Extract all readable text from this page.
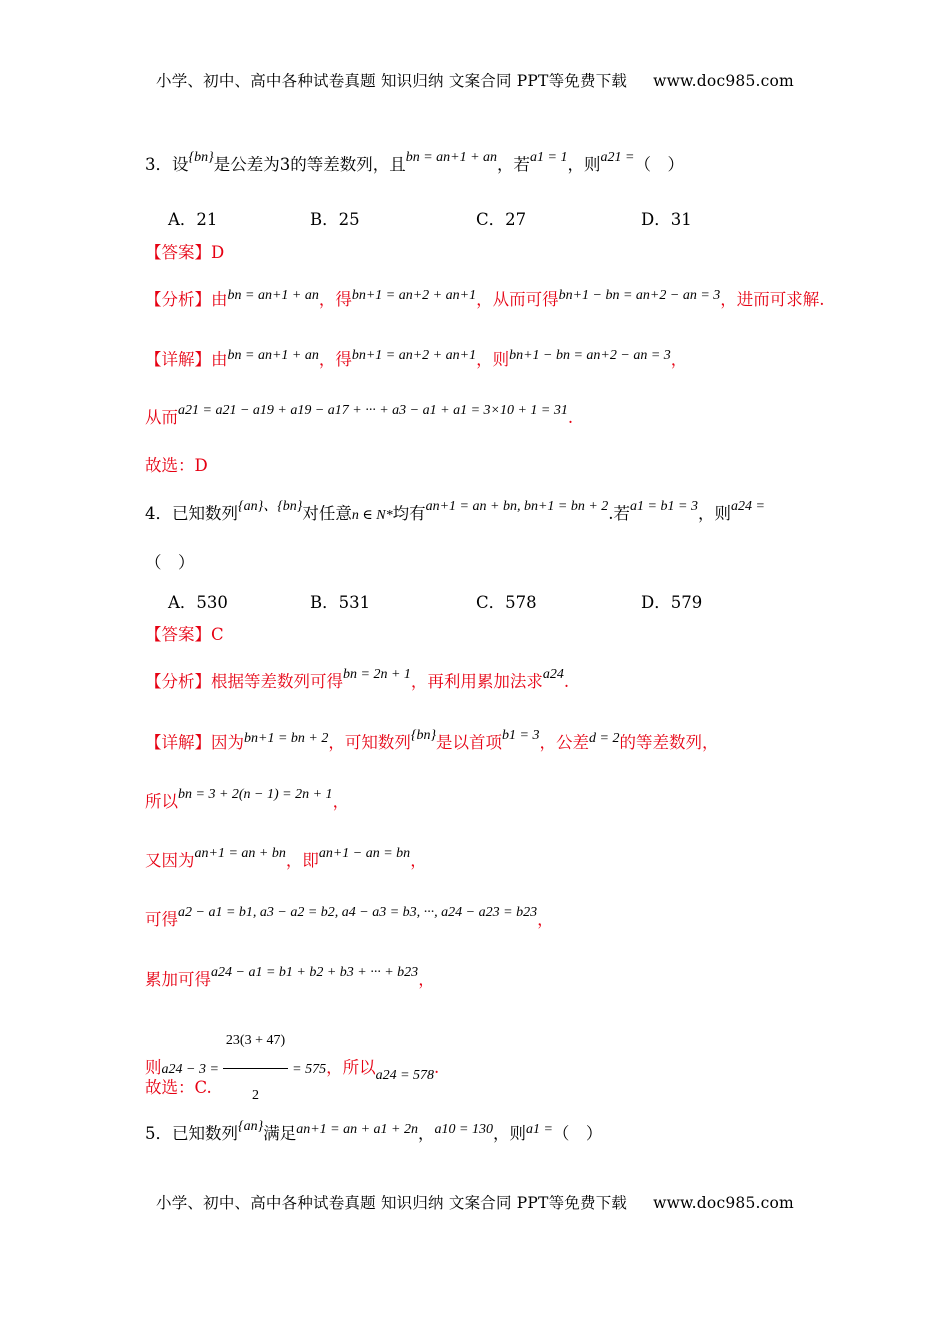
小学、初中、高中各种试卷真题 知识归纳 文案合同 PPT等免费下载 www.doc985.com
3．设$^{\{bn\}}$是公差为3的等差数列，且$^{bn = an+1 + an}$，若$^{a1 = 1}$，则$^{a21 =}$（　）
A．21	B．25	C．27	D．31
【答案】D
【分析】由$^{bn = an+1 + an}$，得$^{bn+1 = an+2 + an+1}$，从而可得$^{bn+1 - bn = an+2 - an = 3}$，进而可求解.
【详解】由$^{bn = an+1 + an}$，得$^{bn+1 = an+2 + an+1}$，则$^{bn+1 - bn = an+2 - an = 3}$，
从而$^{a21 = a21 - a19 + a19 - a17 + \cdot\cdot\cdot + a3 - a1 + a1 = 3\times 10 + 1 = 31}$.
故选：D
4．已知数列$^{\{an\}、\{bn\}}$对任意n ∈ N*均有$^{an+1 = an + bn, bn+1 = bn + 2}$.若$^{a1 = b1 = 3}$，则$^{a24 =}$
（　）
A．530	B．531	C．578	D．579
【答案】C
【分析】根据等差数列可得$^{bn = 2n + 1}$，再利用累加法求$^{a24}$.
【详解】因为$^{bn+1 = bn + 2}$，可知数列$^{\{bn\}}$是以首项$^{b1 = 3}$，公差$^{d = 2}$的等差数列，
所以$^{bn = 3 + 2(n - 1) = 2n + 1}$，
又因为$^{an+1 = an + bn}$，即$^{an+1 - an = bn}$，
可得$^{a2 - a1 = b1, a3 - a2 = b2, a4 - a3 = b3, \cdot\cdot\cdot, a24 - a23 = b23}$，
累加可得$^{a24 - a1 = b1 + b2 + b3 + \cdot\cdot\cdot + b23}$，
则$a24 - 3 = \frac{23(3 + 47)}{2} = 575$，所以$_{a24 = 578}$.
故选：C.
5．已知数列$^{\{an\}}$满足$^{an+1 = an + a1 + 2n}$，$^{a10 = 130}$，则$^{a1 =}$（　）
小学、初中、高中各种试卷真题 知识归纳 文案合同 PPT等免费下载 www.doc985.com
